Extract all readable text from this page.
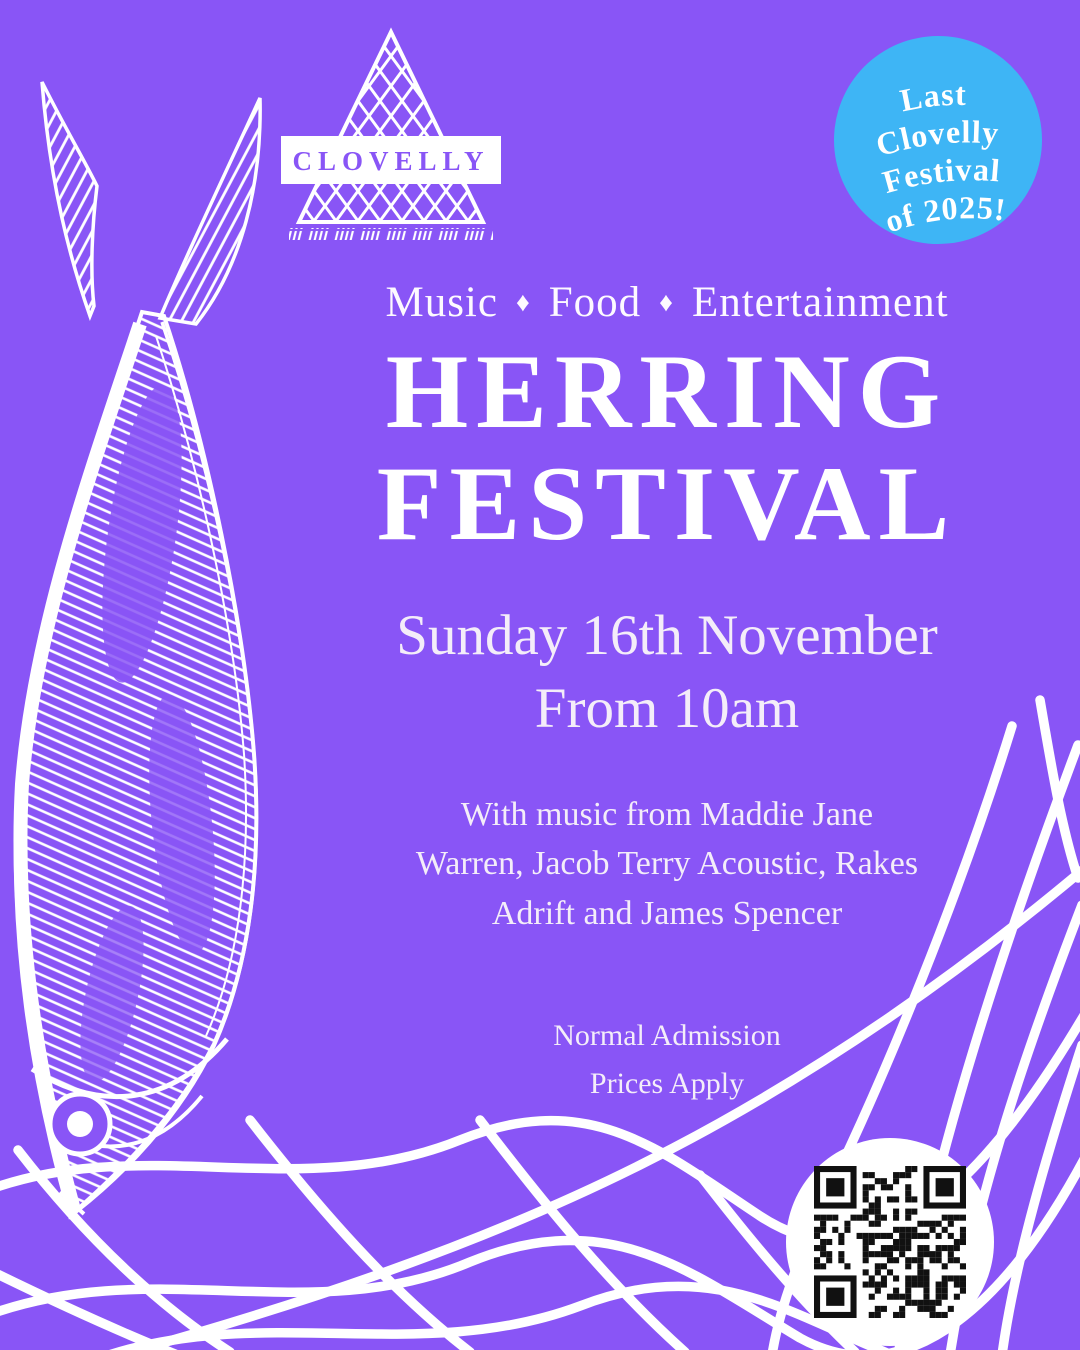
CLOVELLY
Last
Clovelly
Festival
of 2025!
Music ♦ Food ♦ Entertainment
HERRING
FESTIVAL
Sunday 16th November
From 10am
With music from Maddie Jane Warren, Jacob Terry Acoustic, Rakes Adrift and James Spencer
Normal Admission
Prices Apply
